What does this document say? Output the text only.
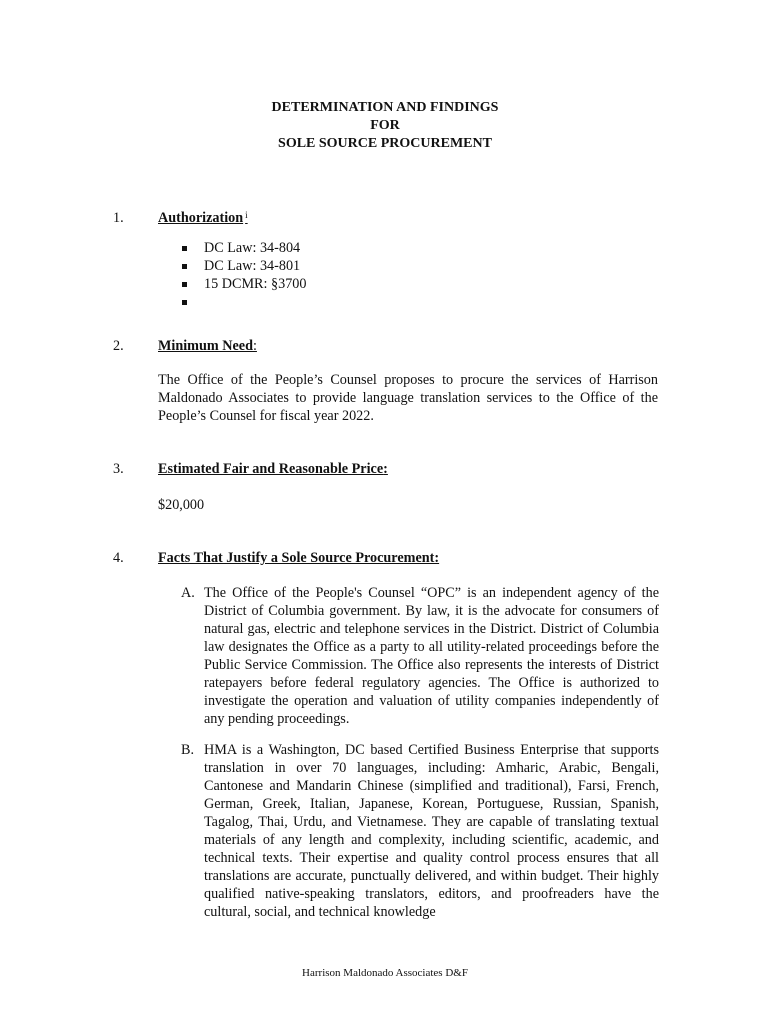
DETERMINATION AND FINDINGS
FOR
SOLE SOURCE PROCUREMENT
1. Authorization $^i$
DC Law: 34-804
DC Law: 34-801
15 DCMR: §3700
2. Minimum Need:
The Office of the People’s Counsel proposes to procure the services of Harrison Maldonado Associates to provide language translation services to the Office of the People’s Counsel for fiscal year 2022.
3. Estimated Fair and Reasonable Price:
$20,000
4. Facts That Justify a Sole Source Procurement:
A. The Office of the People's Counsel “OPC” is an independent agency of the District of Columbia government. By law, it is the advocate for consumers of natural gas, electric and telephone services in the District. District of Columbia law designates the Office as a party to all utility-related proceedings before the Public Service Commission. The Office also represents the interests of District ratepayers before federal regulatory agencies. The Office is authorized to investigate the operation and valuation of utility companies independently of any pending proceedings.
B. HMA is a Washington, DC based Certified Business Enterprise that supports translation in over 70 languages, including: Amharic, Arabic, Bengali, Cantonese and Mandarin Chinese (simplified and traditional), Farsi, French, German, Greek, Italian, Japanese, Korean, Portuguese, Russian, Spanish, Tagalog, Thai, Urdu, and Vietnamese. They are capable of translating textual materials of any length and complexity, including scientific, academic, and technical texts. Their expertise and quality control process ensures that all translations are accurate, punctually delivered, and within budget. Their highly qualified native-speaking translators, editors, and proofreaders have the cultural, social, and technical knowledge
Harrison Maldonado Associates D&F
